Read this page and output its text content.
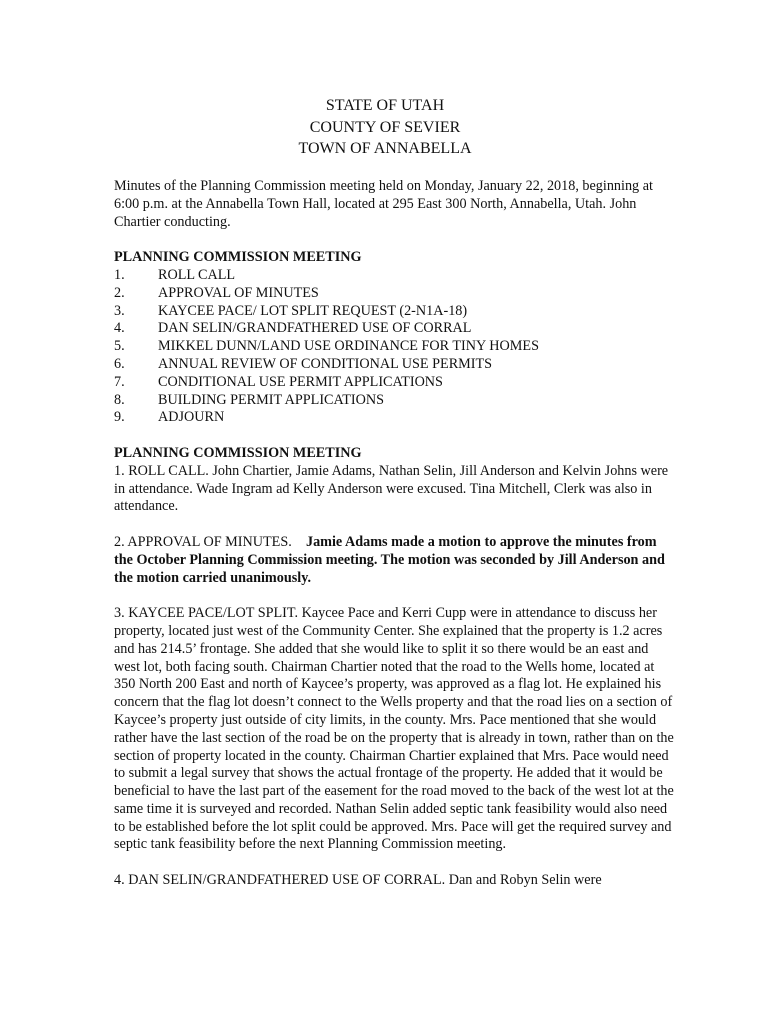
STATE OF UTAH
COUNTY OF SEVIER
TOWN OF ANNABELLA

Minutes of the Planning Commission meeting held on Monday, January 22, 2018, beginning at 6:00 p.m. at the Annabella Town Hall, located at 295 East 300 North, Annabella, Utah. John Chartier conducting.

PLANNING COMMISSION MEETING
1.	ROLL CALL
2.	APPROVAL OF MINUTES
3.	KAYCEE PACE/ LOT SPLIT REQUEST (2-N1A-18)
4.	DAN SELIN/GRANDFATHERED USE OF CORRAL
5.	MIKKEL DUNN/LAND USE ORDINANCE FOR TINY HOMES
6.	ANNUAL REVIEW OF CONDITIONAL USE PERMITS
7.	CONDITIONAL USE PERMIT APPLICATIONS
8.	BUILDING PERMIT APPLICATIONS
9.	ADJOURN
PLANNING COMMISSION MEETING

1. ROLL CALL. John Chartier, Jamie Adams, Nathan Selin, Jill Anderson and Kelvin Johns were in attendance. Wade Ingram ad Kelly Anderson were excused. Tina Mitchell, Clerk was also in attendance.

2. APPROVAL OF MINUTES. Jamie Adams made a motion to approve the minutes from the October Planning Commission meeting. The motion was seconded by Jill Anderson and the motion carried unanimously.

3. KAYCEE PACE/LOT SPLIT. Kaycee Pace and Kerri Cupp were in attendance to discuss her property, located just west of the Community Center. She explained that the property is 1.2 acres and has 214.5’ frontage. She added that she would like to split it so there would be an east and west lot, both facing south. Chairman Chartier noted that the road to the Wells home, located at 350 North 200 East and north of Kaycee’s property, was approved as a flag lot. He explained his concern that the flag lot doesn’t connect to the Wells property and that the road lies on a section of Kaycee’s property just outside of city limits, in the county. Mrs. Pace mentioned that she would rather have the last section of the road be on the property that is already in town, rather than on the section of property located in the county. Chairman Chartier explained that Mrs. Pace would need to submit a legal survey that shows the actual frontage of the property. He added that it would be beneficial to have the last part of the easement for the road moved to the back of the west lot at the same time it is surveyed and recorded. Nathan Selin added septic tank feasibility would also need to be established before the lot split could be approved. Mrs. Pace will get the required survey and septic tank feasibility before the next Planning Commission meeting.

4. DAN SELIN/GRANDFATHERED USE OF CORRAL. Dan and Robyn Selin were
